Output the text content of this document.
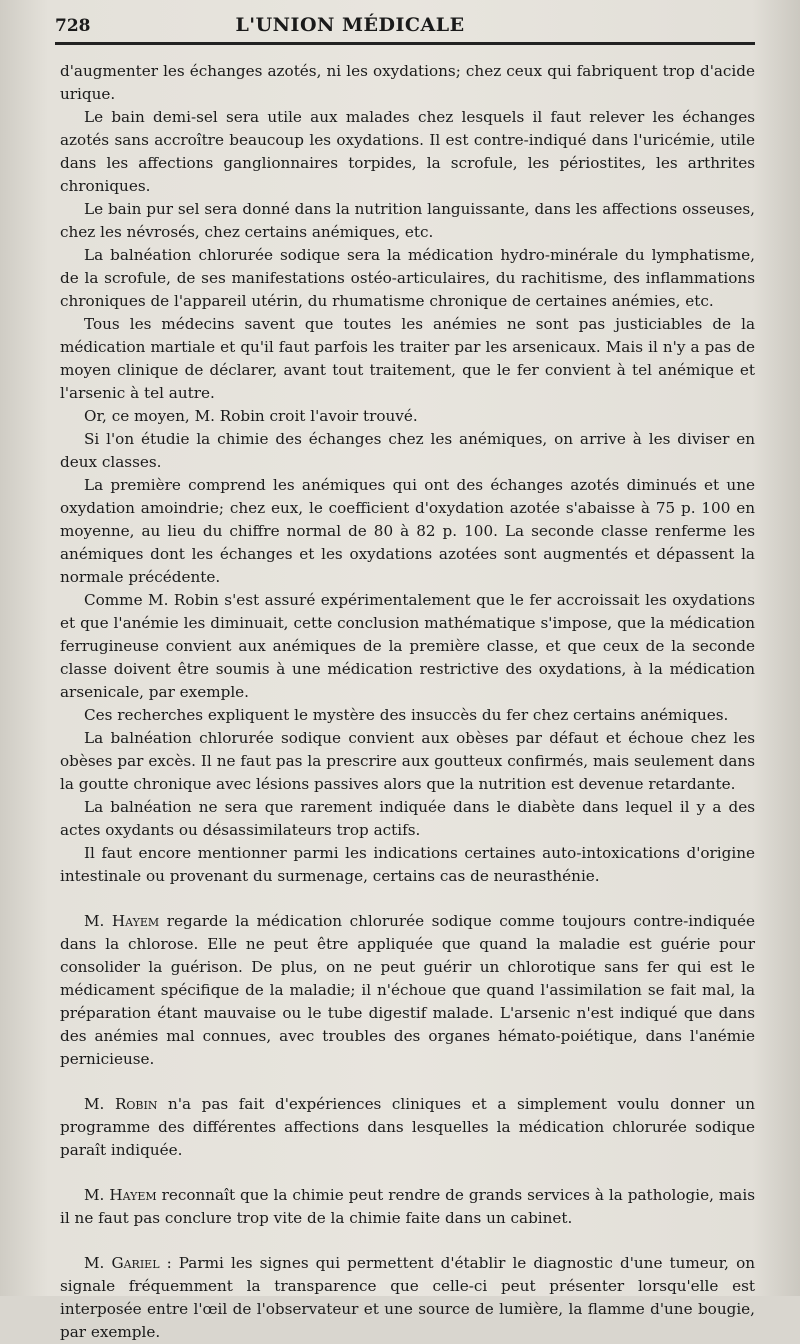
728	L'UNION MÉDICALE

d'augmenter les échanges azotés, ni les oxydations; chez ceux qui fabriquent trop d'acide urique.

Le bain demi-sel sera utile aux malades chez lesquels il faut relever les échanges azotés sans accroître beaucoup les oxydations. Il est contre-indiqué dans l'uricémie, utile dans les affections ganglionnaires torpides, la scrofule, les périostites, les arthrites chroniques.

Le bain pur sel sera donné dans la nutrition languissante, dans les affections osseuses, chez les névrosés, chez certains anémiques, etc.

La balnéation chlorurée sodique sera la médication hydro-minérale du lymphatisme, de la scrofule, de ses manifestations ostéo-articulaires, du rachitisme, des inflammations chroniques de l'appareil utérin, du rhumatisme chronique de certaines anémies, etc.

Tous les médecins savent que toutes les anémies ne sont pas justiciables de la médication martiale et qu'il faut parfois les traiter par les arsenicaux. Mais il n'y a pas de moyen clinique de déclarer, avant tout traitement, que le fer convient à tel anémique et l'arsenic à tel autre.

Or, ce moyen, M. Robin croit l'avoir trouvé.

Si l'on étudie la chimie des échanges chez les anémiques, on arrive à les diviser en deux classes.

La première comprend les anémiques qui ont des échanges azotés diminués et une oxydation amoindrie; chez eux, le coefficient d'oxydation azotée s'abaisse à 75 p. 100 en moyenne, au lieu du chiffre normal de 80 à 82 p. 100. La seconde classe renferme les anémiques dont les échanges et les oxydations azotées sont augmentés et dépassent la normale précédente.

Comme M. Robin s'est assuré expérimentalement que le fer accroissait les oxydations et que l'anémie les diminuait, cette conclusion mathématique s'impose, que la médication ferrugineuse convient aux anémiques de la première classe, et que ceux de la seconde classe doivent être soumis à une médication restrictive des oxydations, à la médication arsenicale, par exemple.

Ces recherches expliquent le mystère des insuccès du fer chez certains anémiques.

La balnéation chlorurée sodique convient aux obèses par défaut et échoue chez les obèses par excès. Il ne faut pas la prescrire aux goutteux confirmés, mais seulement dans la goutte chronique avec lésions passives alors que la nutrition est devenue retardante.

La balnéation ne sera que rarement indiquée dans le diabète dans lequel il y a des actes oxydants ou désassimilateurs trop actifs.

Il faut encore mentionner parmi les indications certaines auto-intoxications d'origine intestinale ou provenant du surmenage, certains cas de neurasthénie.

M. Hayem regarde la médication chlorurée sodique comme toujours contre-indiquée dans la chlorose. Elle ne peut être appliquée que quand la maladie est guérie pour consolider la guérison. De plus, on ne peut guérir un chlorotique sans fer qui est le médicament spécifique de la maladie; il n'échoue que quand l'assimilation se fait mal, la préparation étant mauvaise ou le tube digestif malade. L'arsenic n'est indiqué que dans des anémies mal connues, avec troubles des organes hémato-poiétique, dans l'anémie pernicieuse.

M. Robin n'a pas fait d'expériences cliniques et a simplement voulu donner un programme des différentes affections dans lesquelles la médication chlorurée sodique paraît indiquée.

M. Hayem reconnaît que la chimie peut rendre de grands services à la pathologie, mais il ne faut pas conclure trop vite de la chimie faite dans un cabinet.

M. Gariel : Parmi les signes qui permettent d'établir le diagnostic d'une tumeur, on signale fréquemment la transparence que celle-ci peut présenter lorsqu'elle est interposée entre l'œil de l'observateur et une source de lumière, la flamme d'une bougie, par exemple.
